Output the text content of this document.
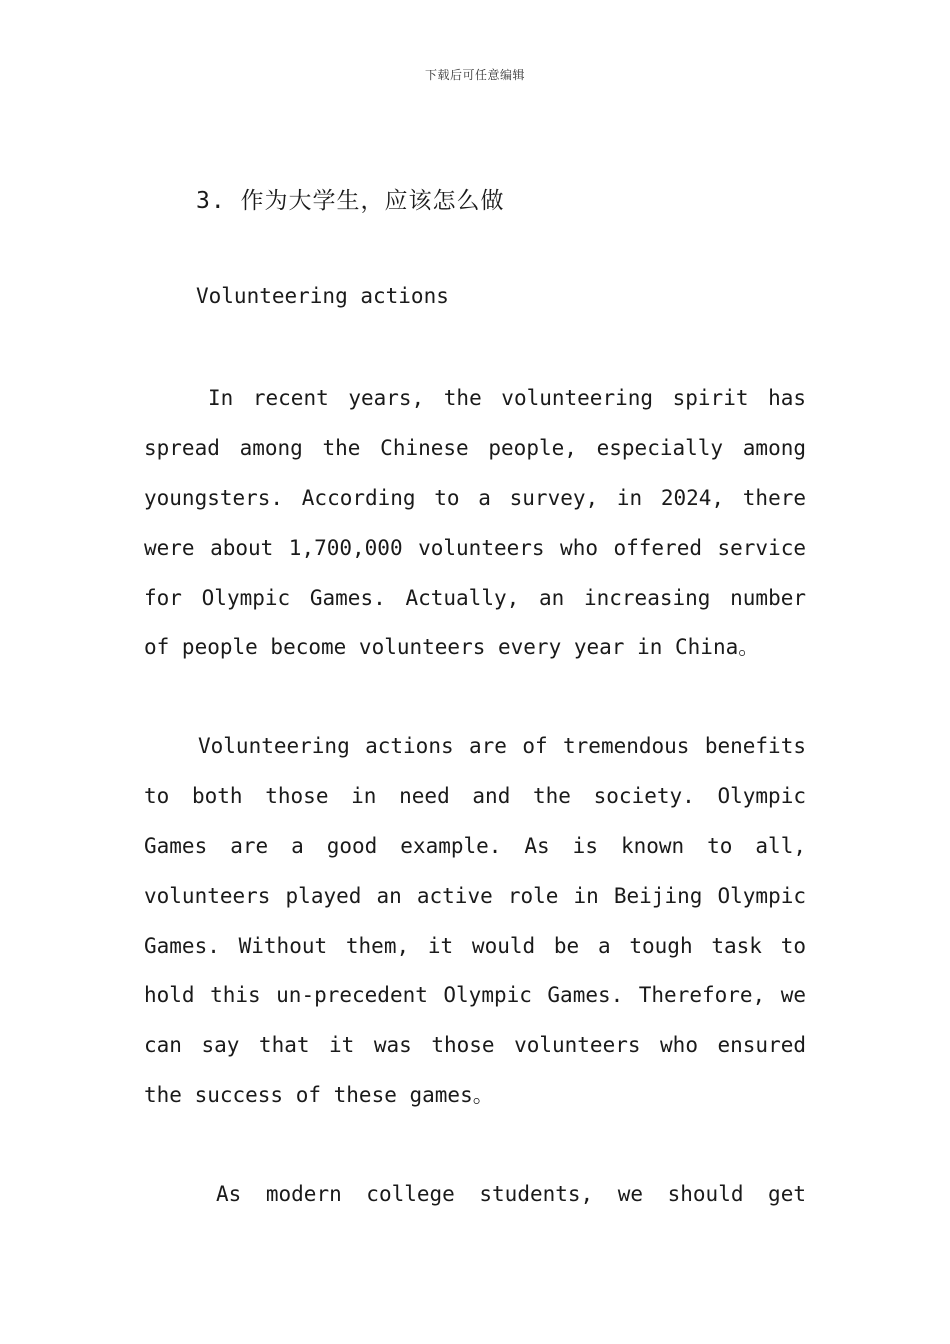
下载后可任意编辑
3. 作为大学生，应该怎么做
Volunteering actions
In recent years, the volunteering spirit has
spread among the Chinese people, especially among
youngsters. According to a survey, in 2024, there
were about 1,700,000 volunteers who offered service
for Olympic Games. Actually, an increasing number
of people become volunteers every year in China。
Volunteering actions are of tremendous benefits
to both those in need and the society. Olympic
Games are a good example. As is known to all,
volunteers played an active role in Beijing Olympic
Games. Without them, it would be a tough task to
hold this un-precedent Olympic Games. Therefore, we
can say that it was those volunteers who ensured
the success of these games。
As modern college students, we should get
